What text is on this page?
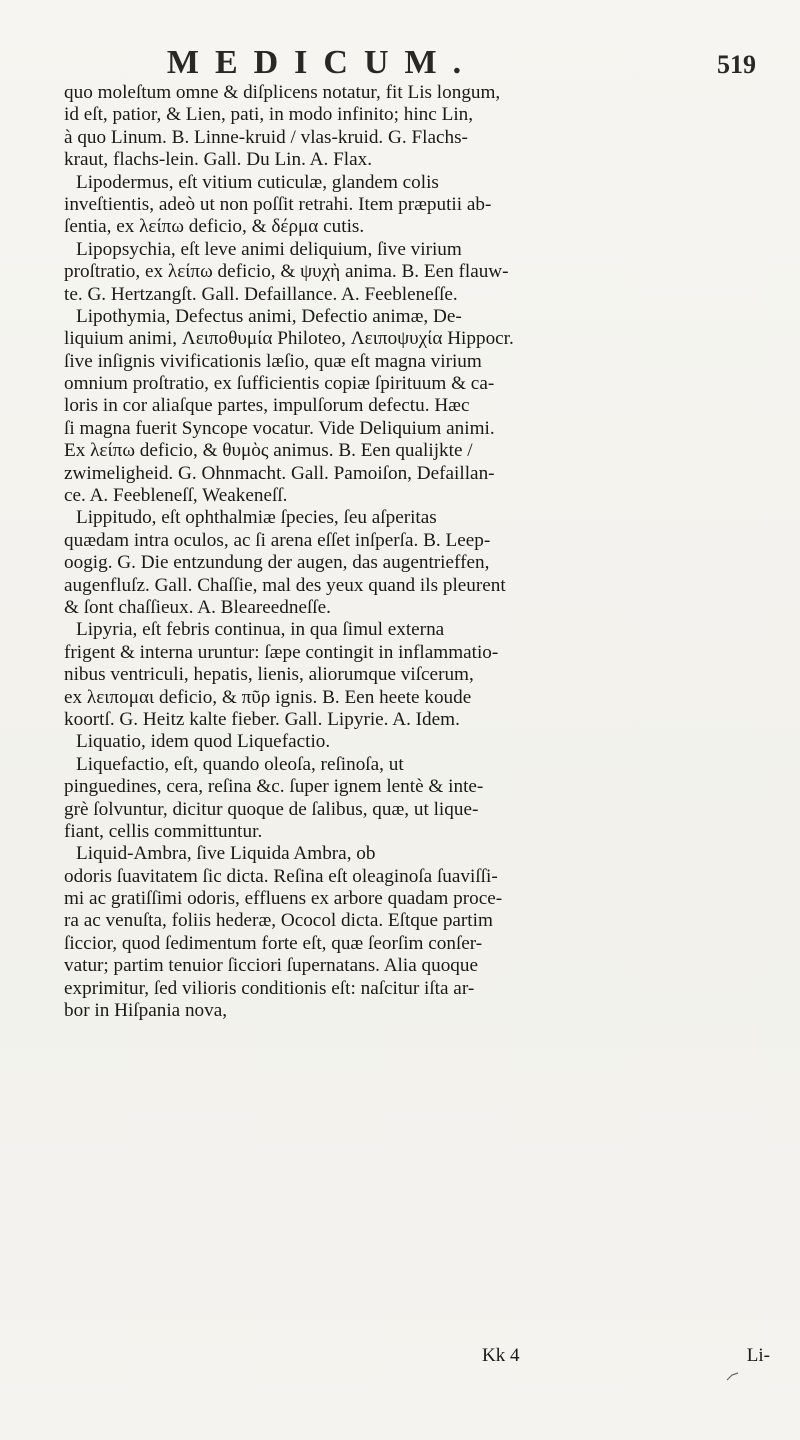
MEDICUM.	519
quo moleſtum omne & diſplicens notatur, fit Lis longum,
id eſt, patior, & Lien, pati, in modo infinito; hinc Lin,
à quo Linum. B. Linne-kruid / vlas-kruid. G. Flachs-
kraut, flachs-lein. Gall. Du Lin. A. Flax.
Lipodermus, eſt vitium cuticulæ, glandem colis
inveſtientis, adeò ut non poſſit retrahi. Item præputii ab-
ſentia, ex λείπω deficio, & δέρμα cutis.
Lipopsychia, eſt leve animi deliquium, ſive virium
proſtratio, ex λείπω deficio, & ψυχὴ anima. B. Een flauw-
te. G. Hertzangſt. Gall. Defaillance. A. Feebleneſſe.
Lipothymia, Defectus animi, Defectio animæ, De-
liquium animi, Λειποθυμία Philoteo, Λειποψυχία Hippocr.
ſive inſignis vivificationis læſio, quæ eſt magna virium
omnium proſtratio, ex ſufficientis copiæ ſpirituum & ca-
loris in cor aliaſque partes, impulſorum defectu. Hæc
ſi magna fuerit Syncope vocatur. Vide Deliquium animi.
Ex λείπω deficio, & θυμὸς animus. B. Een qualijkte /
zwimeligheid. G. Ohnmacht. Gall. Pamoiſon, Defaillan-
ce. A. Feebleneſſ, Weakeneſſ.
Lippitudo, eſt ophthalmiæ ſpecies, ſeu aſperitas
quædam intra oculos, ac ſi arena eſſet inſperſa. B. Leep-
oogig. G. Die entzundung der augen, das augentrieffen,
augenfluſz. Gall. Chaſſie, mal des yeux quand ils pleurent
& ſont chaſſieux. A. Bleareedneſſe.
Lipyria, eſt febris continua, in qua ſimul externa
frigent & interna uruntur: ſæpe contingit in inflammatio-
nibus ventriculi, hepatis, lienis, aliorumque viſcerum,
ex λειπομαι deficio, & πῦρ ignis. B. Een heete koude
koortſ. G. Heitz kalte fieber. Gall. Lipyrie. A. Idem.
Liquatio, idem quod Liquefactio.
Liquefactio, eſt, quando oleoſa, reſinoſa, ut
pinguedines, cera, reſina &c. ſuper ignem lentè & inte-
grè ſolvuntur, dicitur quoque de ſalibus, quæ, ut lique-
fiant, cellis committuntur.
Liquid-Ambra, ſive Liquida Ambra, ob
odoris ſuavitatem ſic dicta. Reſina eſt oleaginoſa ſuaviſſi-
mi ac gratiſſimi odoris, effluens ex arbore quadam proce-
ra ac venuſta, foliis hederæ, Ococol dicta. Eſtque partim
ſiccior, quod ſedimentum forte eſt, quæ ſeorſim conſer-
vatur; partim tenuior ſicciori ſupernatans. Alia quoque
exprimitur, ſed vilioris conditionis eſt: naſcitur iſta ar-
bor in Hiſpania nova,
Kk 4	Li-
